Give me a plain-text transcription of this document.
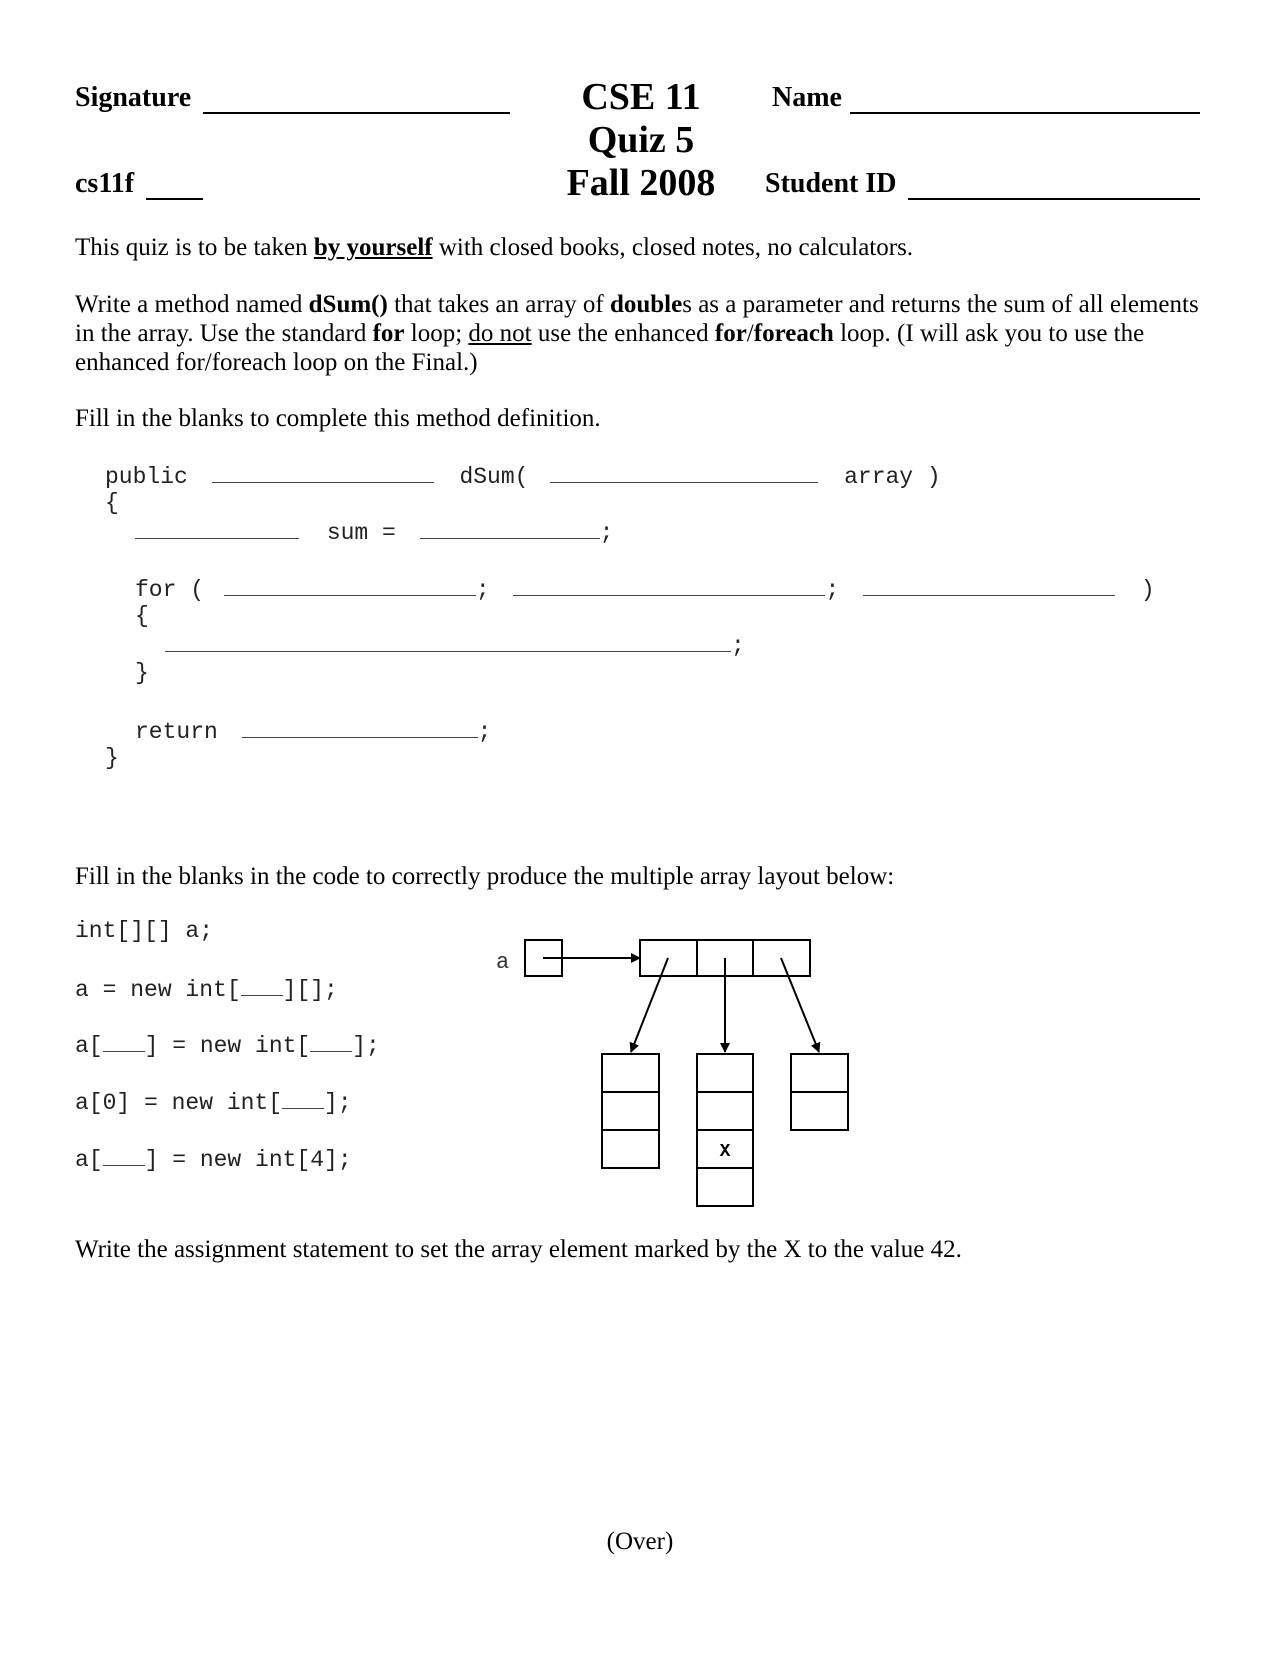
Signature	CSE 11
Quiz 5
Fall 2008
Name
cs11f	Student ID
This quiz is to be taken by yourself with closed books, closed notes, no calculators.
Write a method named dSum() that takes an array of doubles as a parameter and returns the sum of all elements in the array. Use the standard for loop; do not use the enhanced for/foreach loop. (I will ask you to use the enhanced for/foreach loop on the Final.)
Fill in the blanks to complete this method definition.
public	dSum(	array )
{
sum =	;
for (	;	;	)
{
;
}
return	;
}
Fill in the blanks in the code to correctly produce the multiple array layout below:
int[][] a;
a = new int[ ][];
a[ ] = new int[ ];
a[0] = new int[ ];
a[ ] = new int[4];
a
X
Write the assignment statement to set the array element marked by the X to the value 42.
(Over)
